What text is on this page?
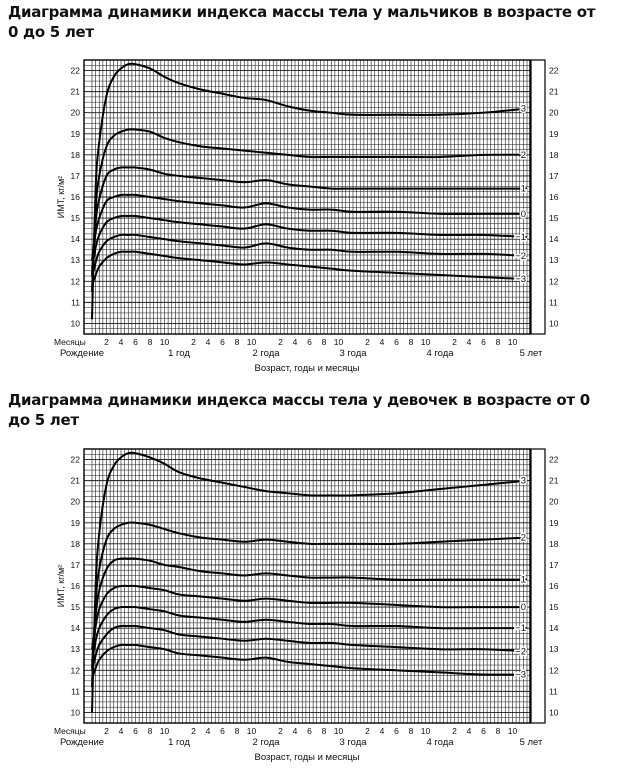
Диаграмма динамики индекса массы тела у мальчиков в возрасте от 0 до 5 лет
10
11
12
13
14
15
16
17
18
19
20
21
22
10
11
12
13
14
15
16
17
18
19
20
21
22
ИМТ, кг/м²
3
2
1
0
−1
−2
−3
Месяцы 2 4 6 8 10	2 4 6 8 10	2 4 6 8 10	2 4 6 8 10	2 4 6 8 10
Рождение	1 год	2 года	3 года	4 года	5 лет
Возраст, годы и месяцы
Диаграмма динамики индекса массы тела у девочек в возрасте от 0 до 5 лет
10
11
12
13
14
15
16
17
18
19
20
21
22
10
11
12
13
14
15
16
17
18
19
20
21
22
ИМТ, кг/м²
3
2
1
0
−1
−2
−3
Месяцы 2 4 6 8 10	2 4 6 8 10	2 4 6 8 10	2 4 6 8 10	2 4 6 8 10
Рождение	1 год	2 года	3 года	4 года	5 лет
Возраст, годы и месяцы
